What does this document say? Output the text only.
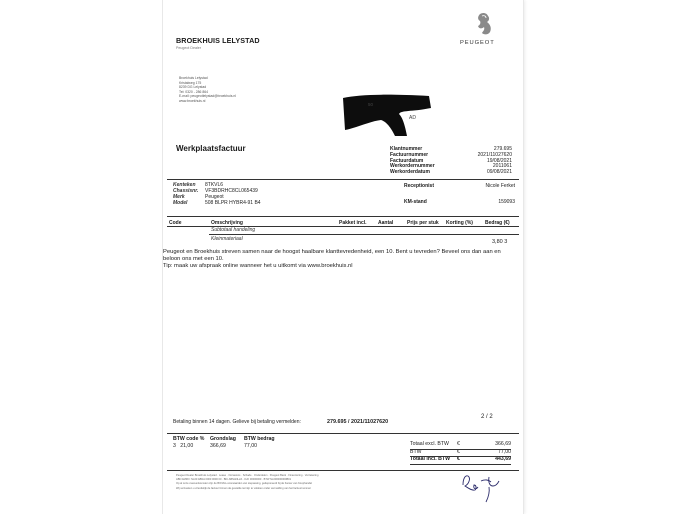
BROEKHUIS LELYSTAD
Peugeot Dealer
PEUGEOT
Broekhuis Lelystad
Kristalweg 175
8239 DG Lelystad
Tel: 0320 - 286 864
E-mail: peugeotlelystad@broekhuis.nl
www.broekhuis.nl
50
AD
Werkplaatsfactuur	Klantnummer	279.695
Factuurnummer	2021/11027620
Factuurdatum	19/08/2021
Werkordernummer	2011061
Werkorderdatum	09/08/2021
Kenteken	8TKVL6
Chassisnr.	VF3BDRHC8CL065439
Merk	Peugeot
Model	508 BLPR HYBR4-91 B4
Receptionist	Nicole Ferket
KM-stand	159093
Code	Omschrijving	Pakket incl. Aantal	Prijs per stuk Korting (%) Bedrag (€)
Subtotaal handeling
Kleinmateriaal	3,80 3
Peugeot en Broekhuis streven samen naar de hoogst haalbare klanttevredenheid, een 10. Bent u tevreden? Beveel ons dan aan en beloon ons met een 10.
Tip: maak uw afspraak online wanneer het u uitkomt via www.broekhuis.nl
2 / 2
Betaling binnen 14 dagen. Gelieve bij betaling vermelden:	279.695 / 2021/11027620
BTW code %	Grondslag	BTW bedrag
3 21,00	366,69	77,00	Totaal excl. BTW €	366,69
BTW	€	77,00
Totaal incl. BTW €	443,69
Peugeot Dealer Broekhuis Lelystad · Lease · Occasions · Schade · Onderdelen · Peugeot Bank · Financiering · Verzekering
ABN AMRO: NL00 ABNA 0000 0000 00 · BIC ABNANL2A · KvK 00000000 · BTW NL000000000B01
Op al onze overeenkomsten zijn de BOVAG-voorwaarden van toepassing, gedeponeerd bij de Kamer van Koophandel
Wij verzoeken u vriendelijk de factuur binnen de gestelde termijn te voldoen onder vermelding van het factuurnummer
